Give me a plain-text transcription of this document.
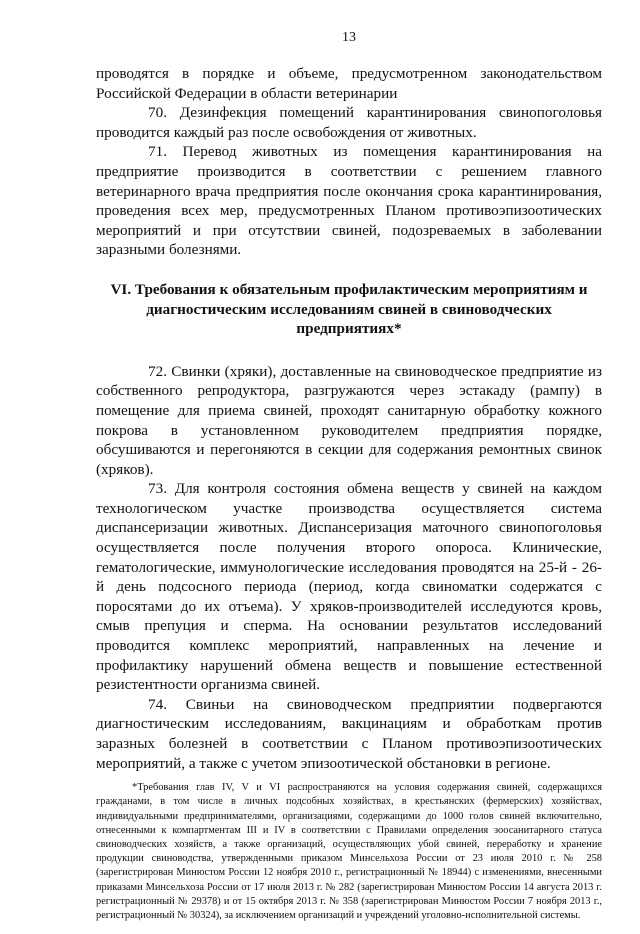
13

проводятся в порядке и объеме, предусмотренном законодательством Российской Федерации в области ветеринарии

70. Дезинфекция помещений карантинирования свинопоголовья проводится каждый раз после освобождения от животных.

71. Перевод животных из помещения карантинирования на предприятие производится в соответствии с решением главного ветеринарного врача предприятия после окончания срока карантинирования, проведения всех мер, предусмотренных Планом противоэпизоотических мероприятий и при отсутствии свиней, подозреваемых в заболевании заразными болезнями.

VI. Требования к обязательным профилактическим мероприятиям и диагностическим исследованиям свиней в свиноводческих предприятиях*

72. Свинки (хряки), доставленные на свиноводческое предприятие из собственного репродуктора, разгружаются через эстакаду (рампу) в помещение для приема свиней, проходят санитарную обработку кожного покрова в установленном руководителем предприятия порядке, обсушиваются и перегоняются в секции для содержания ремонтных свинок (хряков).

73. Для контроля состояния обмена веществ у свиней на каждом технологическом участке производства осуществляется система диспансеризации животных. Диспансеризация маточного свинопоголовья осуществляется после получения второго опороса. Клинические, гематологические, иммунологические исследования проводятся на 25-й - 26-й день подсосного периода (период, когда свиноматки содержатся с поросятами до их отъема). У хряков-производителей исследуются кровь, смыв препуция и сперма. На основании результатов исследований проводится комплекс мероприятий, направленных на лечение и профилактику нарушений обмена веществ и повышение естественной резистентности организма свиней.

74. Свиньи на свиноводческом предприятии подвергаются диагностическим исследованиям, вакцинациям и обработкам против заразных болезней в соответствии с Планом противоэпизоотических мероприятий, а также с учетом эпизоотической обстановки в регионе.

*Требования глав IV, V и VI распространяются на условия содержания свиней, содержащихся гражданами, в том числе в личных подсобных хозяйствах, в крестьянских (фермерских) хозяйствах, индивидуальными предпринимателями, организациями, содержащими до 1000 голов свиней включительно, отнесенными к компартментам III и IV в соответствии с Правилами определения зоосанитарного статуса свиноводческих хозяйств, а также организаций, осуществляющих убой свиней, переработку и хранение продукции свиноводства, утвержденными приказом Минсельхоза России от 23 июля 2010 г. № 258 (зарегистрирован Минюстом России 12 ноября 2010 г., регистрационный № 18944) с изменениями, внесенными приказами Минсельхоза России от 17 июля 2013 г. № 282 (зарегистрирован Минюстом России 14 августа 2013 г. регистрационный № 29378) и от 15 октября 2013 г. № 358 (зарегистрирован Минюстом России 7 ноября 2013 г., регистрационный № 30324), за исключением организаций и учреждений уголовно-исполнительной системы.
